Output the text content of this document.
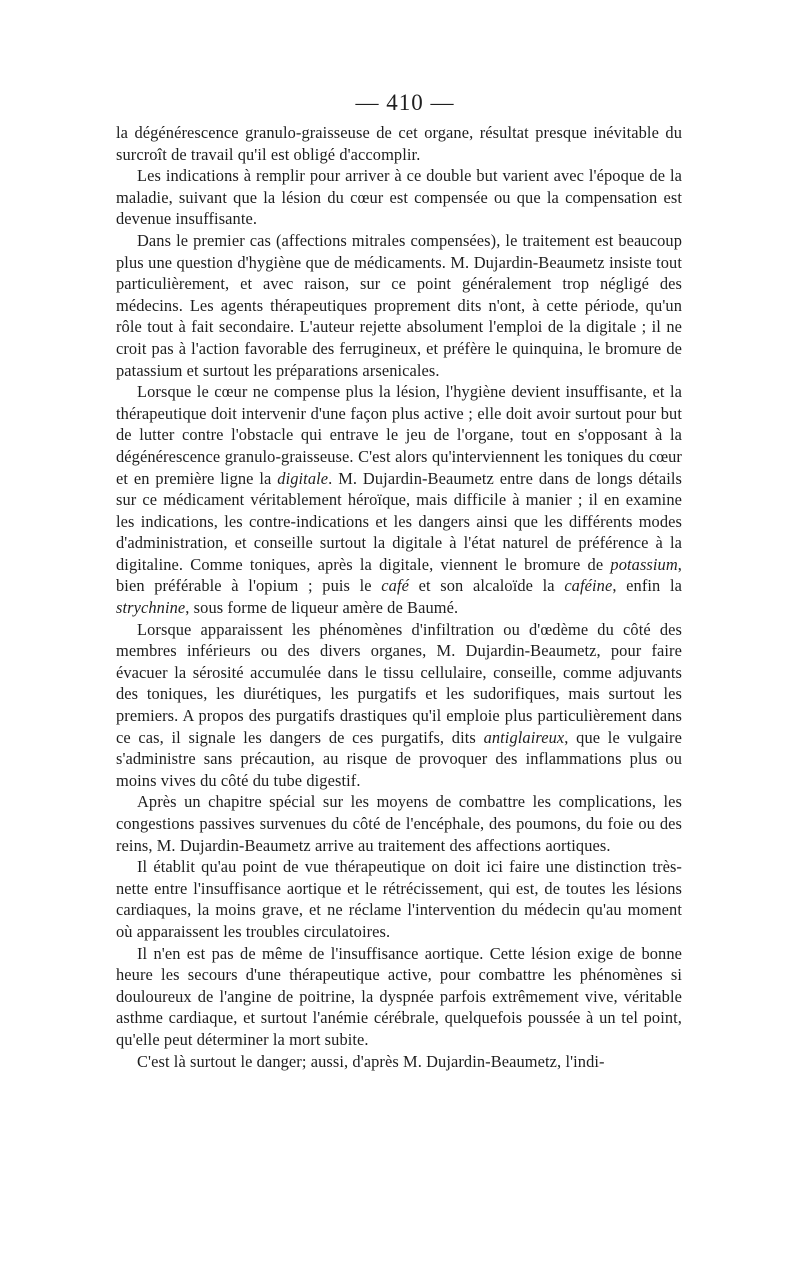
— 410 —

la dégénérescence granulo-graisseuse de cet organe, résultat presque inévitable du surcroît de travail qu'il est obligé d'accomplir.

Les indications à remplir pour arriver à ce double but varient avec l'époque de la maladie, suivant que la lésion du cœur est compensée ou que la compensation est devenue insuffisante.

Dans le premier cas (affections mitrales compensées), le traitement est beaucoup plus une question d'hygiène que de médicaments. M. Dujardin-Beaumetz insiste tout particulièrement, et avec raison, sur ce point généralement trop négligé des médecins. Les agents thérapeutiques proprement dits n'ont, à cette période, qu'un rôle tout à fait secondaire. L'auteur rejette absolument l'emploi de la digitale ; il ne croit pas à l'action favorable des ferrugineux, et préfère le quinquina, le bromure de patassium et surtout les préparations arsenicales.

Lorsque le cœur ne compense plus la lésion, l'hygiène devient insuffisante, et la thérapeutique doit intervenir d'une façon plus active ; elle doit avoir surtout pour but de lutter contre l'obstacle qui entrave le jeu de l'organe, tout en s'opposant à la dégénérescence granulo-graisseuse. C'est alors qu'interviennent les toniques du cœur et en première ligne la digitale. M. Dujardin-Beaumetz entre dans de longs détails sur ce médicament véritablement héroïque, mais difficile à manier ; il en examine les indications, les contre-indications et les dangers ainsi que les différents modes d'administration, et conseille surtout la digitale à l'état naturel de préférence à la digitaline. Comme toniques, après la digitale, viennent le bromure de potassium, bien préférable à l'opium ; puis le café et son alcaloïde la caféine, enfin la strychnine, sous forme de liqueur amère de Baumé.

Lorsque apparaissent les phénomènes d'infiltration ou d'œdème du côté des membres inférieurs ou des divers organes, M. Dujardin-Beaumetz, pour faire évacuer la sérosité accumulée dans le tissu cellulaire, conseille, comme adjuvants des toniques, les diurétiques, les purgatifs et les sudorifiques, mais surtout les premiers. A propos des purgatifs drastiques qu'il emploie plus particulièrement dans ce cas, il signale les dangers de ces purgatifs, dits antiglaireux, que le vulgaire s'administre sans précaution, au risque de provoquer des inflammations plus ou moins vives du côté du tube digestif.

Après un chapitre spécial sur les moyens de combattre les complications, les congestions passives survenues du côté de l'encéphale, des poumons, du foie ou des reins, M. Dujardin-Beaumetz arrive au traitement des affections aortiques.

Il établit qu'au point de vue thérapeutique on doit ici faire une distinction très-nette entre l'insuffisance aortique et le rétrécissement, qui est, de toutes les lésions cardiaques, la moins grave, et ne réclame l'intervention du médecin qu'au moment où apparaissent les troubles circulatoires.

Il n'en est pas de même de l'insuffisance aortique. Cette lésion exige de bonne heure les secours d'une thérapeutique active, pour combattre les phénomènes si douloureux de l'angine de poitrine, la dyspnée parfois extrêmement vive, véritable asthme cardiaque, et surtout l'anémie cérébrale, quelquefois poussée à un tel point, qu'elle peut déterminer la mort subite.

C'est là surtout le danger; aussi, d'après M. Dujardin-Beaumetz, l'indi-
